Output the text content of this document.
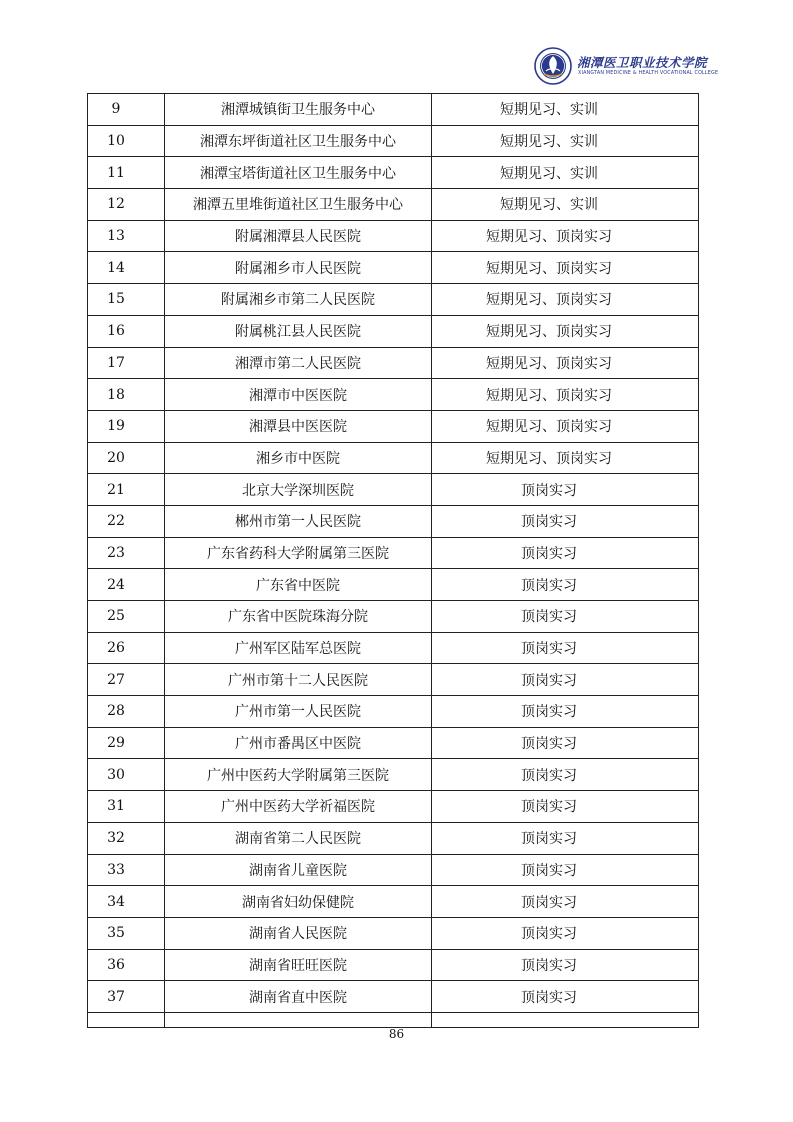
湘潭医卫职业技术学院
XIANGTAN MEDICINE & HEALTH VOCATIONAL COLLEGE
9	湘潭城镇街卫生服务中心	短期见习、实训
10	湘潭东坪街道社区卫生服务中心	短期见习、实训
11	湘潭宝塔街道社区卫生服务中心	短期见习、实训
12	湘潭五里堆街道社区卫生服务中心	短期见习、实训
13	附属湘潭县人民医院	短期见习、顶岗实习
14	附属湘乡市人民医院	短期见习、顶岗实习
15	附属湘乡市第二人民医院	短期见习、顶岗实习
16	附属桃江县人民医院	短期见习、顶岗实习
17	湘潭市第二人民医院	短期见习、顶岗实习
18	湘潭市中医医院	短期见习、顶岗实习
19	湘潭县中医医院	短期见习、顶岗实习
20	湘乡市中医院	短期见习、顶岗实习
21	北京大学深圳医院	顶岗实习
22	郴州市第一人民医院	顶岗实习
23	广东省药科大学附属第三医院	顶岗实习
24	广东省中医院	顶岗实习
25	广东省中医院珠海分院	顶岗实习
26	广州军区陆军总医院	顶岗实习
27	广州市第十二人民医院	顶岗实习
28	广州市第一人民医院	顶岗实习
29	广州市番禺区中医院	顶岗实习
30	广州中医药大学附属第三医院	顶岗实习
31	广州中医药大学祈福医院	顶岗实习
32	湖南省第二人民医院	顶岗实习
33	湖南省儿童医院	顶岗实习
34	湖南省妇幼保健院	顶岗实习
35	湖南省人民医院	顶岗实习
36	湖南省旺旺医院	顶岗实习
37	湖南省直中医院	顶岗实习

86
